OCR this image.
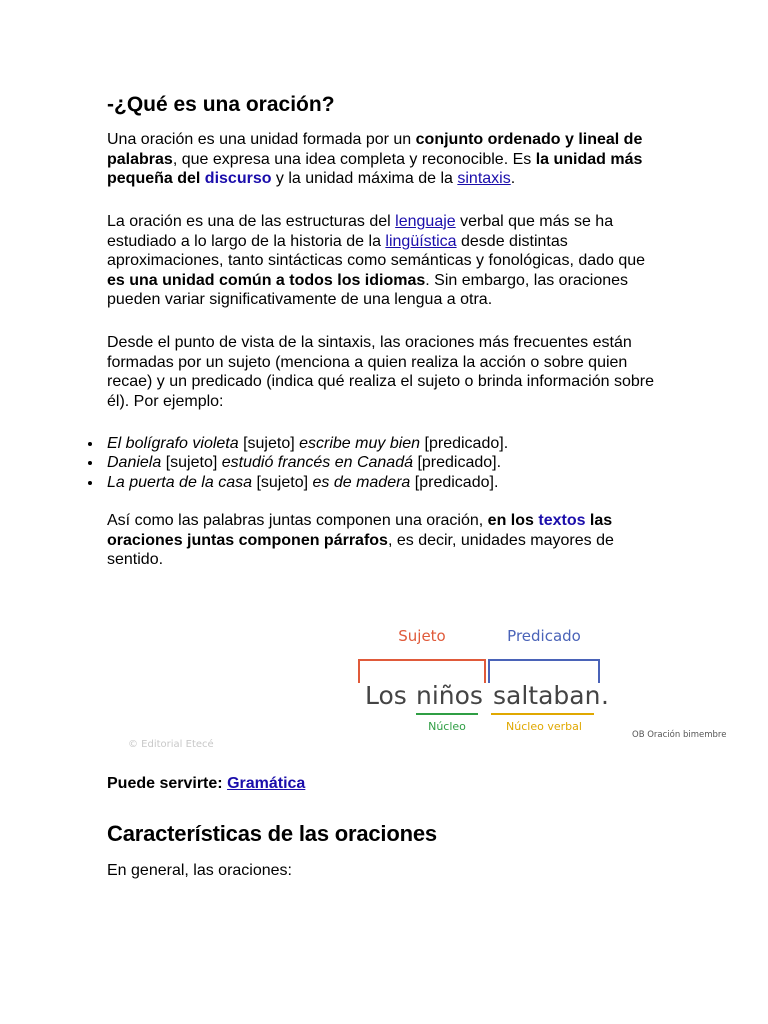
-¿Qué es una oración?

Una oración es una unidad formada por un conjunto ordenado y lineal de palabras, que expresa una idea completa y reconocible. Es la unidad más pequeña del discurso y la unidad máxima de la sintaxis.

La oración es una de las estructuras del lenguaje verbal que más se ha estudiado a lo largo de la historia de la lingüística desde distintas aproximaciones, tanto sintácticas como semánticas y fonológicas, dado que es una unidad común a todos los idiomas. Sin embargo, las oraciones pueden variar significativamente de una lengua a otra.

Desde el punto de vista de la sintaxis, las oraciones más frecuentes están formadas por un sujeto (menciona a quien realiza la acción o sobre quien recae) y un predicado (indica qué realiza el sujeto o brinda información sobre él). Por ejemplo:

El bolígrafo violeta [sujeto] escribe muy bien [predicado].
Daniela [sujeto] estudió francés en Canadá [predicado].
La puerta de la casa [sujeto] es de madera [predicado].

Así como las palabras juntas componen una oración, en los textos las oraciones juntas componen párrafos, es decir, unidades mayores de sentido.

Sujeto	Predicado
Los niños saltaban .
Núcleo	Núcleo verbal
OB Oración bimembre
© Editorial Etecé
Puede servirte: Gramática
Características de las oraciones
En general, las oraciones:
